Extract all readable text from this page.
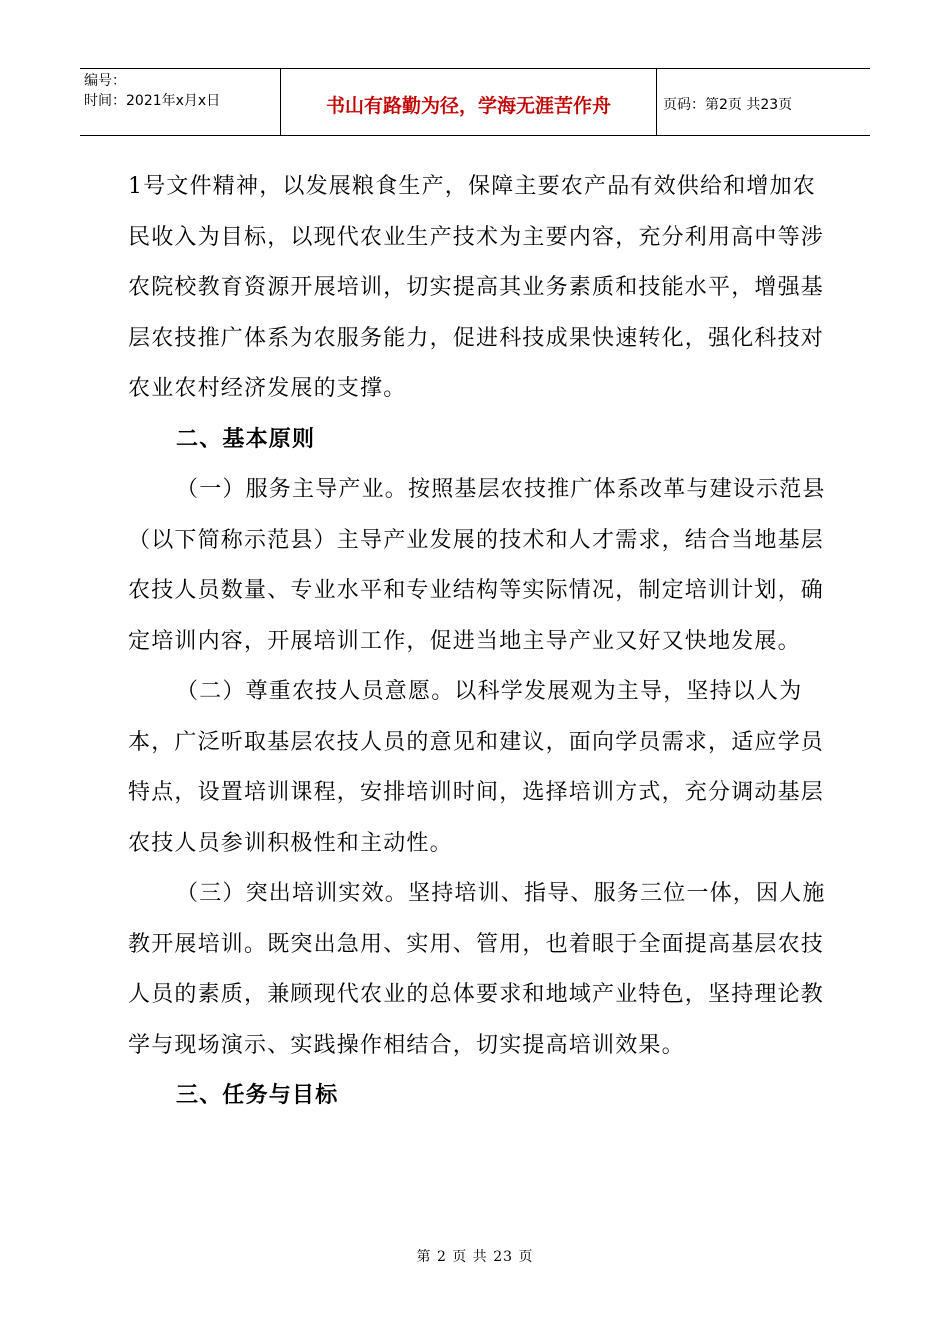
编号：
时间：2021年x月x日	书山有路勤为径，学海无涯苦作舟	页码：第2页 共23页

1号文件精神，以发展粮食生产，保障主要农产品有效供给和增加农民收入为目标，以现代农业生产技术为主要内容，充分利用高中等涉农院校教育资源开展培训，切实提高其业务素质和技能水平，增强基层农技推广体系为农服务能力，促进科技成果快速转化，强化科技对农业农村经济发展的支撑。

二、基本原则

（一）服务主导产业。按照基层农技推广体系改革与建设示范县（以下简称示范县）主导产业发展的技术和人才需求，结合当地基层农技人员数量、专业水平和专业结构等实际情况，制定培训计划，确定培训内容，开展培训工作，促进当地主导产业又好又快地发展。

（二）尊重农技人员意愿。以科学发展观为主导，坚持以人为本，广泛听取基层农技人员的意见和建议，面向学员需求，适应学员特点，设置培训课程，安排培训时间，选择培训方式，充分调动基层农技人员参训积极性和主动性。

（三）突出培训实效。坚持培训、指导、服务三位一体，因人施教开展培训。既突出急用、实用、管用，也着眼于全面提高基层农技人员的素质，兼顾现代农业的总体要求和地域产业特色，坚持理论教学与现场演示、实践操作相结合，切实提高培训效果。

三、任务与目标

第 2 页 共 23 页
